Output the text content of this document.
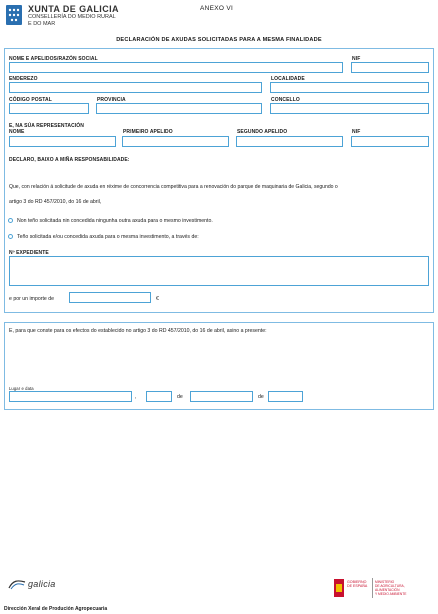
XUNTA DE GALICIA
CONSELLERÍA DO MEDIO RURAL
E DO MAR
ANEXO VI
DECLARACIÓN DE AXUDAS SOLICITADAS PARA A MESMA FINALIDADE
NOME E APELIDOS/RAZÓN SOCIAL	NIF
ENDEREZO	LOCALIDADE
CÓDIGO POSTAL	PROVINCIA	CONCELLO
E, NA SÚA REPRESENTACIÓN
NOME	PRIMEIRO APELIDO	SEGUNDO APELIDO	NIF
DECLARO, BAIXO A MIÑA RESPONSABILIDADE:
Que, con relación á solicitude de axuda en réxime de concorrencia competitiva para a renovación do parque de maquinaria de Galicia, segundo o
artigo 3 do RD 457/2010, do 16 de abril,
Non teño solicitada nin concedida ningunha outra axuda para o mesmo investimento.
Teño solicitada e/ou concedida axuda para o mesma investimento, a través de:
Nº EXPEDIENTE
e por un importe de	€
E, para que conste para os efectos do establecido no artigo 3 do RD 457/2010, do 16 de abril, asino a presente:
Lugar e data
,	de	de
galicia	GOBIERNO
DE ESPAÑA
MINISTERIO
DE AGRICULTURA, ALIMENTACIÓN
Y MEDIO AMBIENTE
Dirección Xeral de Produción Agropecuaria
